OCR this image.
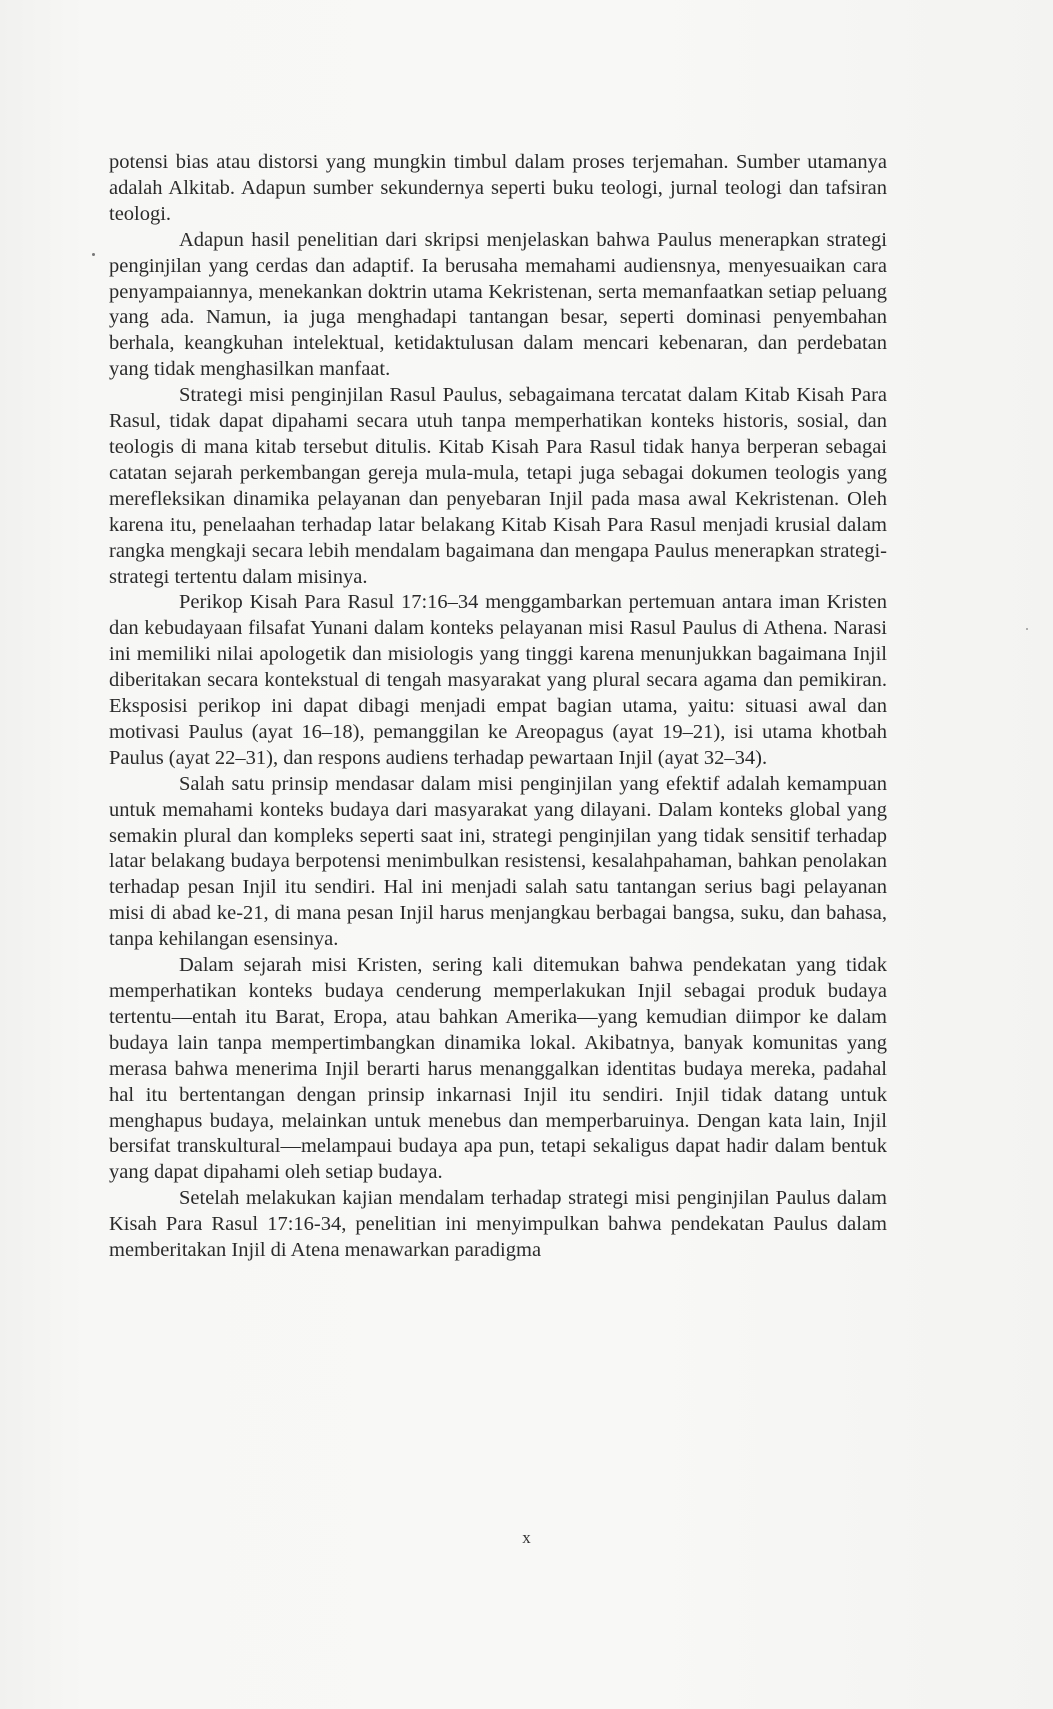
potensi bias atau distorsi yang mungkin timbul dalam proses terjemahan. Sumber utamanya adalah Alkitab. Adapun sumber sekundernya seperti buku teologi, jurnal teologi dan tafsiran teologi.

Adapun hasil penelitian dari skripsi menjelaskan bahwa Paulus menerapkan strategi penginjilan yang cerdas dan adaptif. Ia berusaha memahami audiensnya, menyesuaikan cara penyampaiannya, menekankan doktrin utama Kekristenan, serta memanfaatkan setiap peluang yang ada. Namun, ia juga menghadapi tantangan besar, seperti dominasi penyembahan berhala, keangkuhan intelektual, ketidaktulusan dalam mencari kebenaran, dan perdebatan yang tidak menghasilkan manfaat.

Strategi misi penginjilan Rasul Paulus, sebagaimana tercatat dalam Kitab Kisah Para Rasul, tidak dapat dipahami secara utuh tanpa memperhatikan konteks historis, sosial, dan teologis di mana kitab tersebut ditulis. Kitab Kisah Para Rasul tidak hanya berperan sebagai catatan sejarah perkembangan gereja mula-mula, tetapi juga sebagai dokumen teologis yang merefleksikan dinamika pelayanan dan penyebaran Injil pada masa awal Kekristenan. Oleh karena itu, penelaahan terhadap latar belakang Kitab Kisah Para Rasul menjadi krusial dalam rangka mengkaji secara lebih mendalam bagaimana dan mengapa Paulus menerapkan strategi-strategi tertentu dalam misinya.

Perikop Kisah Para Rasul 17:16–34 menggambarkan pertemuan antara iman Kristen dan kebudayaan filsafat Yunani dalam konteks pelayanan misi Rasul Paulus di Athena. Narasi ini memiliki nilai apologetik dan misiologis yang tinggi karena menunjukkan bagaimana Injil diberitakan secara kontekstual di tengah masyarakat yang plural secara agama dan pemikiran. Eksposisi perikop ini dapat dibagi menjadi empat bagian utama, yaitu: situasi awal dan motivasi Paulus (ayat 16–18), pemanggilan ke Areopagus (ayat 19–21), isi utama khotbah Paulus (ayat 22–31), dan respons audiens terhadap pewartaan Injil (ayat 32–34).

Salah satu prinsip mendasar dalam misi penginjilan yang efektif adalah kemampuan untuk memahami konteks budaya dari masyarakat yang dilayani. Dalam konteks global yang semakin plural dan kompleks seperti saat ini, strategi penginjilan yang tidak sensitif terhadap latar belakang budaya berpotensi menimbulkan resistensi, kesalahpahaman, bahkan penolakan terhadap pesan Injil itu sendiri. Hal ini menjadi salah satu tantangan serius bagi pelayanan misi di abad ke-21, di mana pesan Injil harus menjangkau berbagai bangsa, suku, dan bahasa, tanpa kehilangan esensinya.

Dalam sejarah misi Kristen, sering kali ditemukan bahwa pendekatan yang tidak memperhatikan konteks budaya cenderung memperlakukan Injil sebagai produk budaya tertentu—entah itu Barat, Eropa, atau bahkan Amerika—yang kemudian diimpor ke dalam budaya lain tanpa mempertimbangkan dinamika lokal. Akibatnya, banyak komunitas yang merasa bahwa menerima Injil berarti harus menanggalkan identitas budaya mereka, padahal hal itu bertentangan dengan prinsip inkarnasi Injil itu sendiri. Injil tidak datang untuk menghapus budaya, melainkan untuk menebus dan memperbaruinya. Dengan kata lain, Injil bersifat transkultural—melampaui budaya apa pun, tetapi sekaligus dapat hadir dalam bentuk yang dapat dipahami oleh setiap budaya.

Setelah melakukan kajian mendalam terhadap strategi misi penginjilan Paulus dalam Kisah Para Rasul 17:16-34, penelitian ini menyimpulkan bahwa pendekatan Paulus dalam memberitakan Injil di Atena menawarkan paradigma

x
